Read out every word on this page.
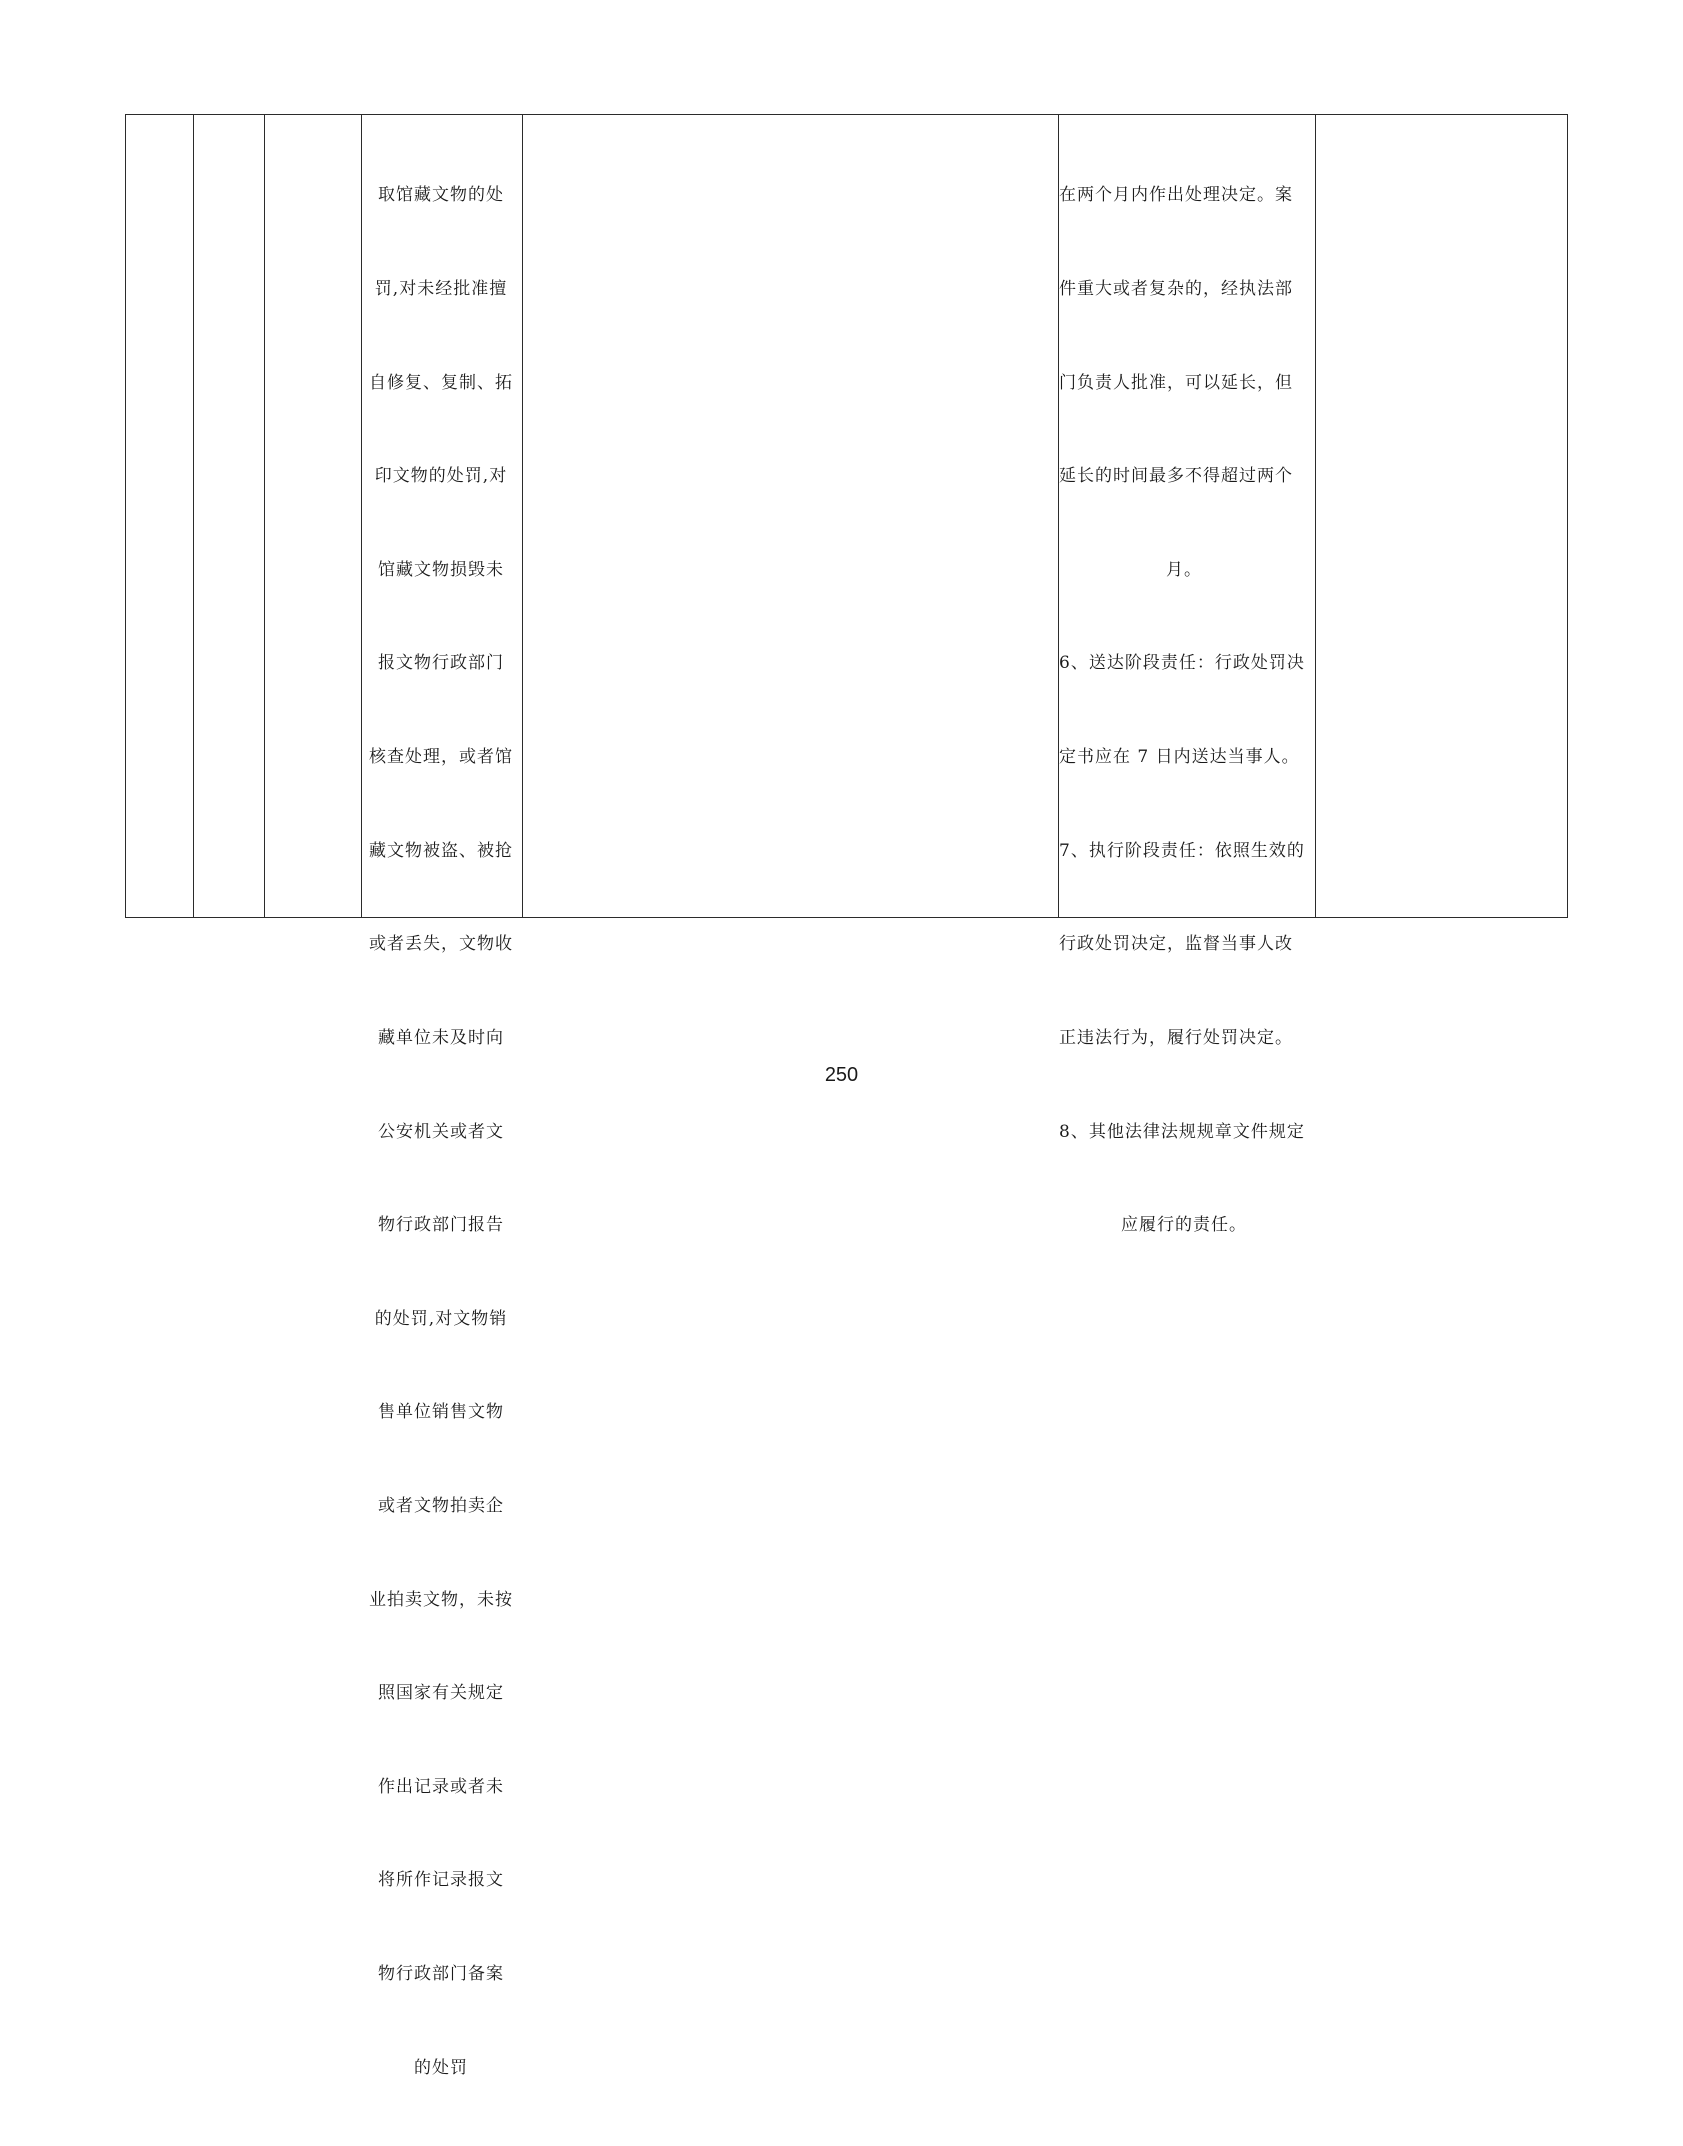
取馆藏文物的处

罚,对未经批准擅

自修复、复制、拓

印文物的处罚,对

馆藏文物损毁未

报文物行政部门

核查处理，或者馆

藏文物被盗、被抢

或者丢失，文物收

藏单位未及时向

公安机关或者文

物行政部门报告

的处罚,对文物销

售单位销售文物

或者文物拍卖企

业拍卖文物，未按

照国家有关规定

作出记录或者未

将所作记录报文

物行政部门备案

的处罚

在两个月内作出处理决定。案

件重大或者复杂的，经执法部

门负责人批准，可以延长，但

延长的时间最多不得超过两个

月。

6、送达阶段责任：行政处罚决

定书应在 7 日内送达当事人。

7、执行阶段责任：依照生效的

行政处罚决定，监督当事人改

正违法行为，履行处罚决定。

8、其他法律法规规章文件规定

应履行的责任。

250
